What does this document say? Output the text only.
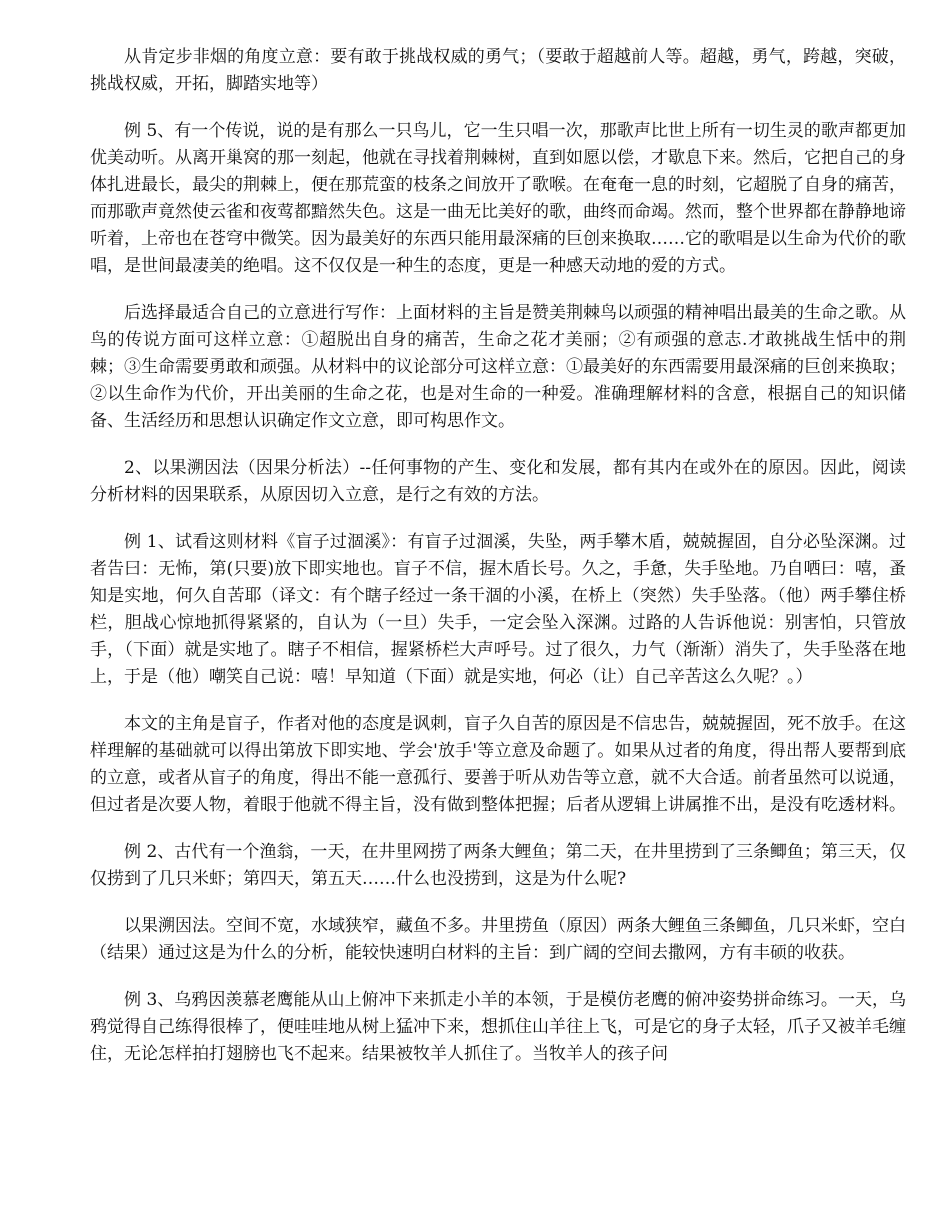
从肯定步非烟的角度立意：要有敢于挑战权威的勇气；（要敢于超越前人等。超越，勇气，跨越，突破，挑战权威，开拓，脚踏实地等）

例 5、有一个传说，说的是有那么一只鸟儿，它一生只唱一次，那歌声比世上所有一切生灵的歌声都更加优美动听。从离开巢窝的那一刻起，他就在寻找着荆棘树，直到如愿以偿，才歇息下来。然后，它把自己的身体扎进最长，最尖的荆棘上，便在那荒蛮的枝条之间放开了歌喉。在奄奄一息的时刻，它超脱了自身的痛苦，而那歌声竟然使云雀和夜莺都黯然失色。这是一曲无比美好的歌，曲终而命竭。然而，整个世界都在静静地谛听着，上帝也在苍穹中微笑。因为最美好的东西只能用最深痛的巨创来换取……它的歌唱是以生命为代价的歌唱，是世间最凄美的绝唱。这不仅仅是一种生的态度，更是一种感天动地的爱的方式。

后选择最适合自己的立意进行写作：上面材料的主旨是赞美荆棘鸟以顽强的精神唱出最美的生命之歌。从鸟的传说方面可这样立意：①超脱出自身的痛苦，生命之花才美丽；②有顽强的意志.才敢挑战生恬中的荆棘；③生命需要勇敢和顽强。从材料中的议论部分可这样立意：①最美好的东西需要用最深痛的巨创来换取；②以生命作为代价，开出美丽的生命之花，也是对生命的一种爱。准确理解材料的含意，根据自己的知识储备、生活经历和思想认识确定作文立意，即可构思作文。

2、以果溯因法（因果分析法）--任何事物的产生、变化和发展，都有其内在或外在的原因。因此，阅读分析材料的因果联系，从原因切入立意，是行之有效的方法。

例 1、试看这则材料《盲子过涸溪》：有盲子过涸溪，失坠，两手攀木盾，兢兢握固，自分必坠深渊。过者告曰：无怖，第(只要)放下即实地也。盲子不信，握木盾长号。久之，手惫，失手坠地。乃自哂曰：嘻，蚤知是实地，何久自苦耶（译文：有个瞎子经过一条干涸的小溪，在桥上（突然）失手坠落。（他）两手攀住桥栏，胆战心惊地抓得紧紧的，自认为（一旦）失手，一定会坠入深渊。过路的人告诉他说：别害怕，只管放手，（下面）就是实地了。瞎子不相信，握紧桥栏大声呼号。过了很久，力气（渐渐）消失了，失手坠落在地上，于是（他）嘲笑自己说：嘻！早知道（下面）就是实地，何必（让）自己辛苦这么久呢？。）

本文的主角是盲子，作者对他的态度是讽刺，盲子久自苦的原因是不信忠告，兢兢握固，死不放手。在这样理解的基础就可以得出第放下即实地、学会'放手'等立意及命题了。如果从过者的角度，得出帮人要帮到底的立意，或者从盲子的角度，得出不能一意孤行、要善于听从劝告等立意，就不大合适。前者虽然可以说通，但过者是次要人物，着眼于他就不得主旨，没有做到整体把握；后者从逻辑上讲属推不出，是没有吃透材料。

例 2、古代有一个渔翁，一天，在井里网捞了两条大鲤鱼；第二天，在井里捞到了三条鲫鱼；第三天，仅仅捞到了几只米虾；第四天，第五天……什么也没捞到，这是为什么呢?

以果溯因法。空间不宽，水域狭窄，藏鱼不多。井里捞鱼（原因）两条大鲤鱼三条鲫鱼，几只米虾，空白（结果）通过这是为什么的分析，能较快速明白材料的主旨：到广阔的空间去撒网，方有丰硕的收获。

例 3、乌鸦因羡慕老鹰能从山上俯冲下来抓走小羊的本领，于是模仿老鹰的俯冲姿势拼命练习。一天，乌鸦觉得自己练得很棒了，便哇哇地从树上猛冲下来，想抓住山羊往上飞，可是它的身子太轻，爪子又被羊毛缠住，无论怎样拍打翅膀也飞不起来。结果被牧羊人抓住了。当牧羊人的孩子问
